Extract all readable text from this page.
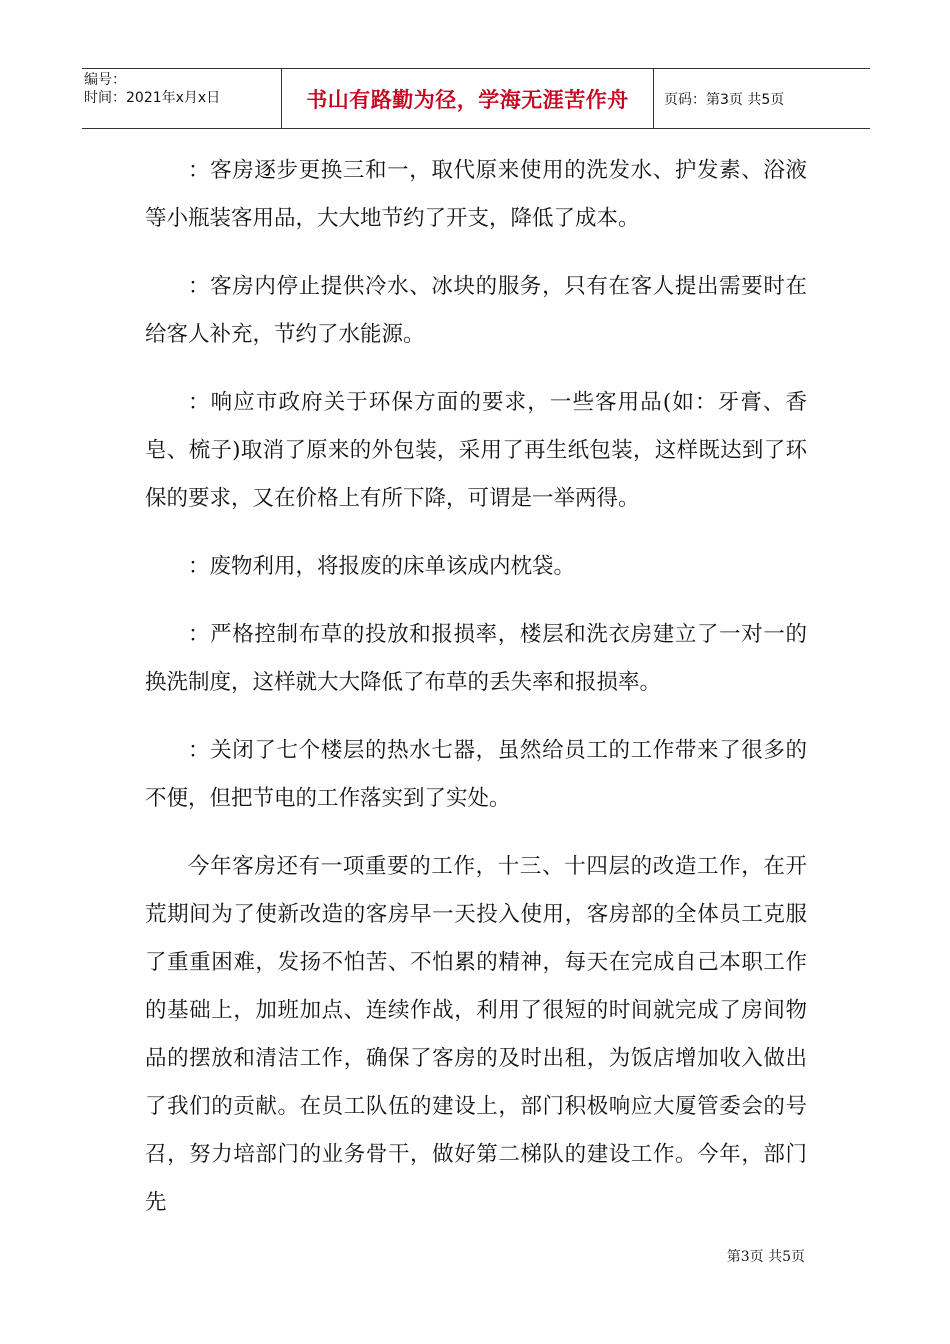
编号：
时间：2021年x月x日	书山有路勤为径，学海无涯苦作舟	页码：第3页 共5页

：客房逐步更换三和一，取代原来使用的洗发水、护发素、浴液等小瓶装客用品，大大地节约了开支，降低了成本。

：客房内停止提供冷水、冰块的服务，只有在客人提出需要时在给客人补充，节约了水能源。

：响应市政府关于环保方面的要求，一些客用品(如：牙膏、香皂、梳子)取消了原来的外包装，采用了再生纸包装，这样既达到了环保的要求，又在价格上有所下降，可谓是一举两得。

：废物利用，将报废的床单该成内枕袋。

：严格控制布草的投放和报损率，楼层和洗衣房建立了一对一的换洗制度，这样就大大降低了布草的丢失率和报损率。

：关闭了七个楼层的热水七器，虽然给员工的工作带来了很多的不便，但把节电的工作落实到了实处。

今年客房还有一项重要的工作，十三、十四层的改造工作，在开荒期间为了使新改造的客房早一天投入使用，客房部的全体员工克服了重重困难，发扬不怕苦、不怕累的精神，每天在完成自己本职工作的基础上，加班加点、连续作战，利用了很短的时间就完成了房间物品的摆放和清洁工作，确保了客房的及时出租，为饭店增加收入做出了我们的贡献。在员工队伍的建设上，部门积极响应大厦管委会的号召，努力培部门的业务骨干，做好第二梯队的建设工作。今年，部门先

第3页 共5页
